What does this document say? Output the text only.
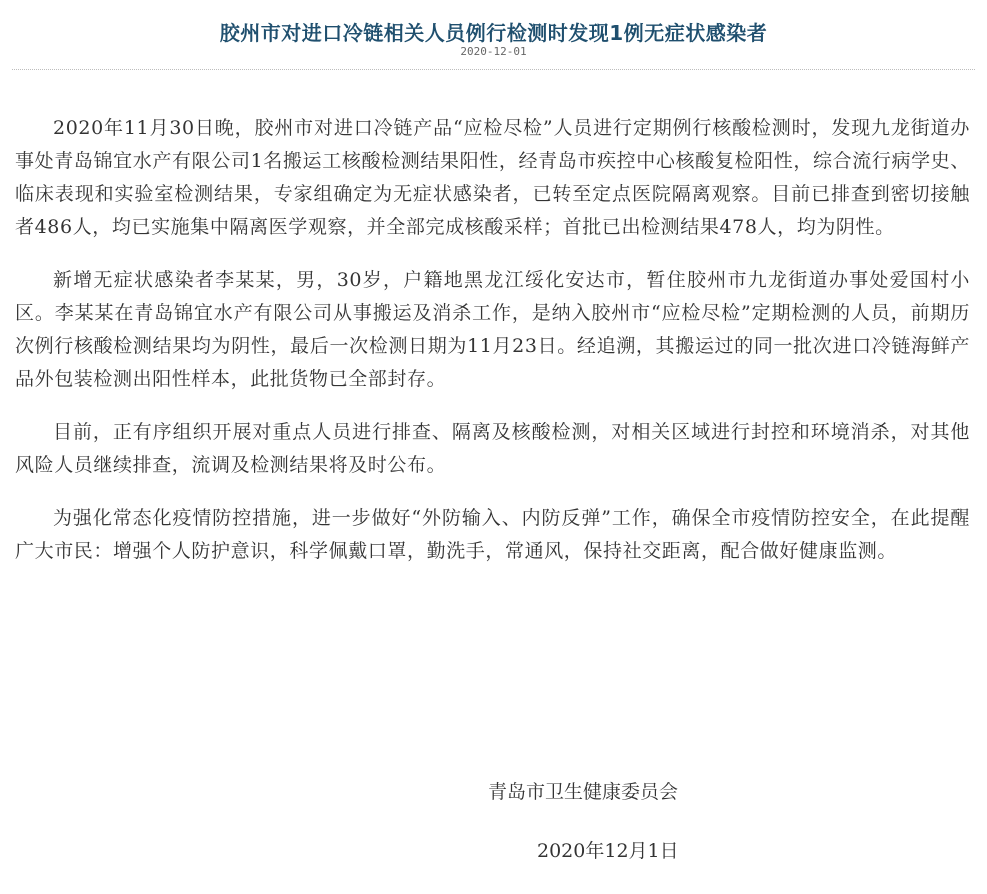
胶州市对进口冷链相关人员例行检测时发现1例无症状感染者
2020-12-01

2020年11月30日晚，胶州市对进口冷链产品“应检尽检”人员进行定期例行核酸检测时，发现九龙街道办事处青岛锦宜水产有限公司1名搬运工核酸检测结果阳性，经青岛市疾控中心核酸复检阳性，综合流行病学史、临床表现和实验室检测结果，专家组确定为无症状感染者，已转至定点医院隔离观察。目前已排查到密切接触者486人，均已实施集中隔离医学观察，并全部完成核酸采样；首批已出检测结果478人，均为阴性。

新增无症状感染者李某某，男，30岁，户籍地黑龙江绥化安达市，暂住胶州市九龙街道办事处爱国村小区。李某某在青岛锦宜水产有限公司从事搬运及消杀工作，是纳入胶州市“应检尽检”定期检测的人员，前期历次例行核酸检测结果均为阴性，最后一次检测日期为11月23日。经追溯，其搬运过的同一批次进口冷链海鲜产品外包装检测出阳性样本，此批货物已全部封存。

目前，正有序组织开展对重点人员进行排查、隔离及核酸检测，对相关区域进行封控和环境消杀，对其他风险人员继续排查，流调及检测结果将及时公布。

为强化常态化疫情防控措施，进一步做好“外防输入、内防反弹”工作，确保全市疫情防控安全，在此提醒广大市民：增强个人防护意识，科学佩戴口罩，勤洗手，常通风，保持社交距离，配合做好健康监测。

青岛市卫生健康委员会
2020年12月1日
